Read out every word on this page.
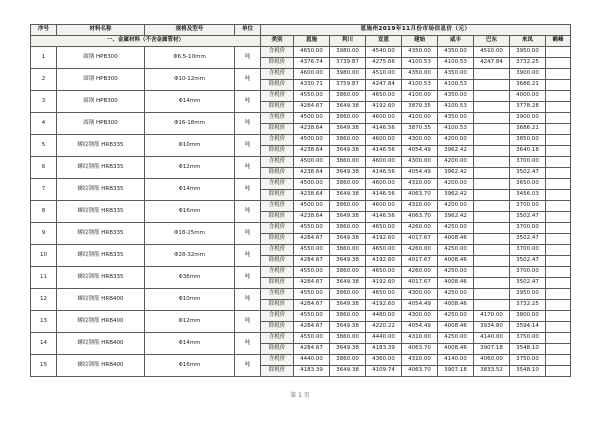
序号	材料名称	规格及型号	单位	恩施州2019年11月份市场信息价（元）								
一、金属材料（不含金属管材）				类别	恩施	利川	宣恩	建始	咸丰	巴东	来凤	鹤峰
1	圆钢 HPB300	Φ6.5-10mm	吨	含税价	4650.00	3980.00	4540.00	4350.00	4350.00	4510.00	3950.00	
				除税价	4376.74	3739.87	4275.66	4100.53	4100.53	4247.84	3732.25	
2	圆钢 HPB300	Φ10-12mm	吨	含税价	4600.00	3980.00	4510.00	4350.00	4350.00		3900.00	
				除税价	4330.71	3759.87	4247.84	4100.53	4100.53		3686.21	
3	圆钢 HPB300	Φ14mm	吨	含税价	4550.00	3860.00	4650.00	4100.00	4350.00		4000.00	
				除税价	4284.67	3649.38	4192.60	3870.35	4100.53		3778.28	
4	圆钢 HPB300	Φ16-18mm	吨	含税价	4500.00	3860.00	4600.00	4100.00	4350.00		3900.00	
				除税价	4238.64	3649.38	4146.56	3870.35	4100.53		3686.21	
5	螺纹钢筋 HRB335	Φ10mm	吨	含税价	4500.00	3860.00	4600.00	4300.00	4200.00		3850.00	
				除税价	4238.64	3649.38	4146.56	4054.49	3962.42		3640.18	
6	螺纹钢筋 HRB335	Φ12mm	吨	含税价	4500.00	3860.00	4600.00	4300.00	4200.00		3700.00	
				除税价	4238.64	3649.38	4146.56	4054.49	3962.42		3502.47	
7	螺纹钢筋 HRB335	Φ14mm	吨	含税价	4500.00	3860.00	4600.00	4310.00	4200.00		3650.00	
				除税价	4238.64	3649.38	4146.56	4063.70	3962.42		3456.03	
8	螺纹钢筋 HRB335	Φ16mm	吨	含税价	4500.00	3860.00	4600.00	4310.00	4200.00		3700.00	
				除税价	4238.64	3649.38	4146.56	4063.70	3962.42		3502.47	
9	螺纹钢筋 HRB335	Φ18-25mm	吨	含税价	4550.00	3860.00	4650.00	4260.00	4250.00		3700.00	
				除税价	4284.67	3649.38	4192.60	4017.67	4008.46		3502.47	
10	螺纹钢筋 HRB335	Φ28-32mm	吨	含税价	4550.00	3860.00	4650.00	4260.00	4250.00		3700.00	
				除税价	4284.67	3649.38	4192.60	4017.67	4008.46		3502.47	
11	螺纹钢筋 HRB335	Φ36mm	吨	含税价	4550.00	3860.00	4650.00	4260.00	4250.00		3700.00	
				除税价	4284.67	3649.38	4192.60	4017.67	4008.46		3502.47	
12	螺纹钢筋 HRB400	Φ10mm	吨	含税价	4550.00	3860.00	4650.00	4300.00	4250.00		3950.00	
				除税价	4284.67	3649.38	4192.60	4054.49	4008.46		3732.25	
13	螺纹钢筋 HRB400	Φ12mm	吨	含税价	4550.00	3860.00	4480.00	4300.00	4250.00	4170.00	3800.00	
				除税价	4284.67	3649.38	4220.22	4054.49	4008.46	3934.80	3594.14	
14	螺纹钢筋 HRB400	Φ14mm	吨	含税价	4550.00	3860.00	4440.00	4310.00	4250.00	4140.00	3750.00	
				除税价	4284.67	3649.38	4183.39	4063.70	4008.46	3907.18	3548.10	
15	螺纹钢筋 HRB400	Φ16mm	吨	含税价	4440.00	3860.00	4360.00	4310.00	4140.00	4060.00	3750.00	
				除税价	4183.39	3649.38	4109.74	4063.70	3907.18	3833.52	3548.10	
第 1 页
